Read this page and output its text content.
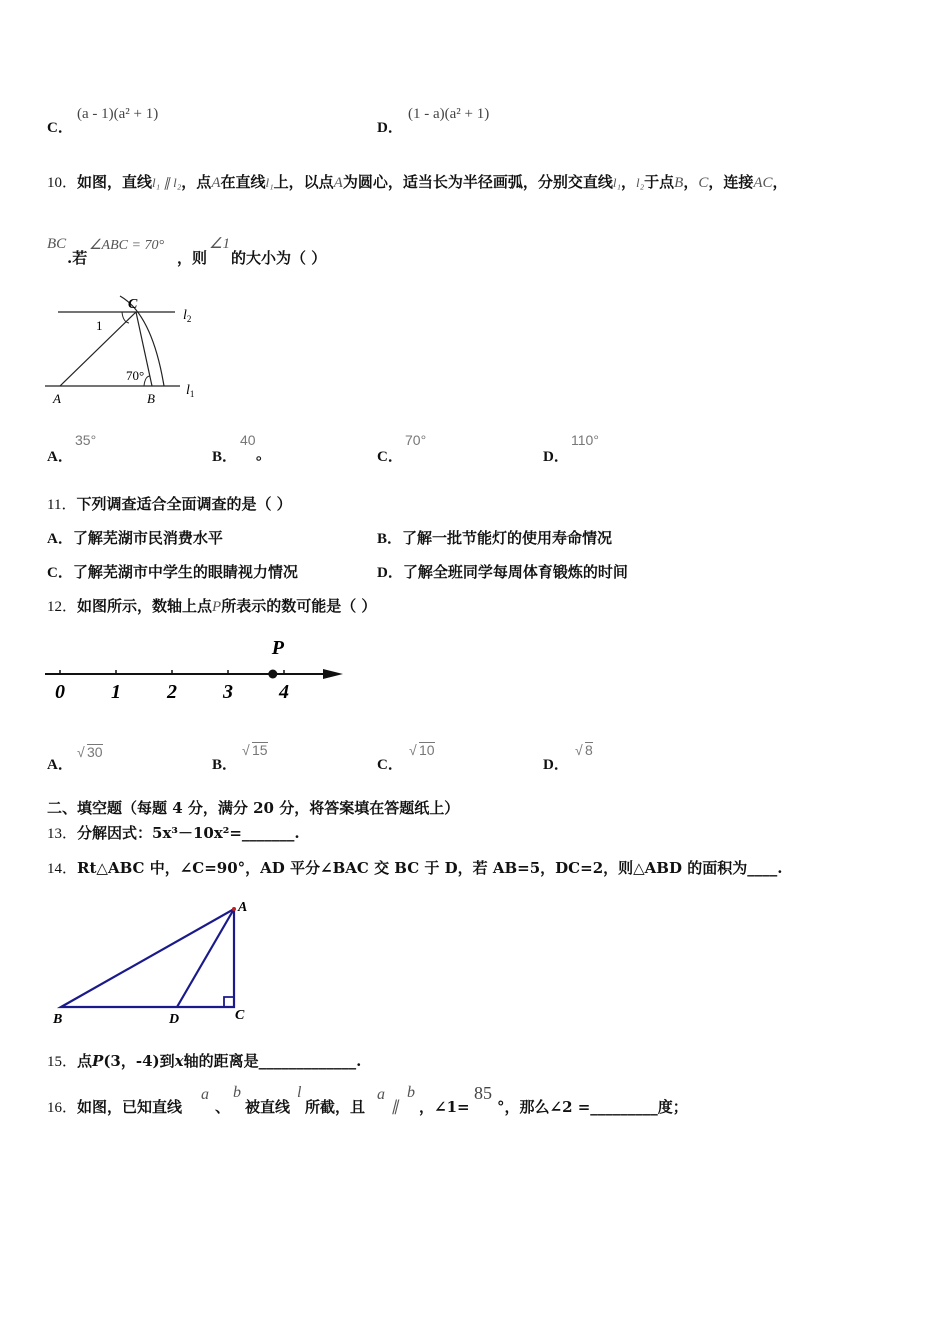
C．
(a - 1)(a² + 1)
D．
(1 - a)(a² + 1)
10．如图，直线l₁ ∥ l₂，点A在直线l₁上，以点A为圆心，适当长为半径画弧，分别交直线l₁，l₂于点B，C，连接AC，
BC
.若
∠ABC = 70°
，则
∠1
的大小为（ ）
C
1
$l_2$
70°
A	B
$l_1$
A．
35°
B．
40
。	C．
70°
D．
110°
11．下列调查适合全面调查的是（ ）
A．了解芜湖市民消费水平	B．了解一批节能灯的使用寿命情况
C．了解芜湖市中学生的眼睛视力情况	D．了解全班同学每周体育锻炼的时间
12．如图所示，数轴上点P所表示的数可能是（ ）
0 1 2 3 4
P
A．
√ 30
B．
√ 15
C．
√ 10
D．
√ 8
二、填空题（每题 4 分，满分 20 分，将答案填在答题纸上）
13．分解因式：5x³－10x²=_______.
14．Rt△ABC 中，∠C=90°，AD 平分∠BAC 交 BC 于 D，若 AB=5，DC=2，则△ABD 的面积为____.
A
B	D	C
15．点P(3，-4)到x轴的距离是_____________.
16．如图，已知直线
a
、
b
被直线
l
所截，且
a
∥
b
，∠1=
85
°，那么∠2 =_________度；
